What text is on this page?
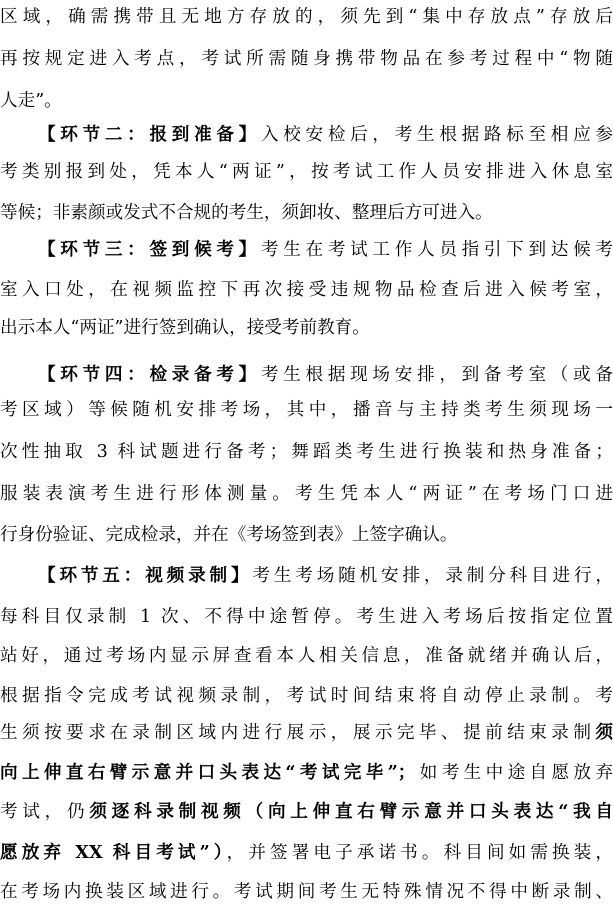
区域，确需携带且无地方存放的，须先到“集中存放点”存放后
再按规定进入考点，考试所需随身携带物品在参考过程中“物随
人走”。
【环节二：报到准备】入校安检后，考生根据路标至相应参
考类别报到处，凭本人“两证”，按考试工作人员安排进入休息室
等候；非素颜或发式不合规的考生，须卸妆、整理后方可进入。
【环节三：签到候考】考生在考试工作人员指引下到达候考
室入口处，在视频监控下再次接受违规物品检查后进入候考室，
出示本人“两证”进行签到确认，接受考前教育。
【环节四：检录备考】考生根据现场安排，到备考室（或备
考区域）等候随机安排考场，其中，播音与主持类考生须现场一
次性抽取 3 科试题进行备考；舞蹈类考生进行换装和热身准备；
服装表演考生进行形体测量。考生凭本人“两证”在考场门口进
行身份验证、完成检录，并在《考场签到表》上签字确认。
【环节五：视频录制】考生考场随机安排，录制分科目进行，
每科目仅录制 1 次、不得中途暂停。考生进入考场后按指定位置
站好，通过考场内显示屏查看本人相关信息，准备就绪并确认后，
根据指令完成考试视频录制，考试时间结束将自动停止录制。考
生须按要求在录制区域内进行展示，展示完毕、提前结束录制须
向上伸直右臂示意并口头表达“考试完毕”；如考生中途自愿放弃
考试，仍须逐科录制视频（向上伸直右臂示意并口头表达“我自
愿放弃 XX 科目考试”），并签署电子承诺书。科目间如需换装，
在考场内换装区域进行。考试期间考生无特殊情况不得中断录制、
